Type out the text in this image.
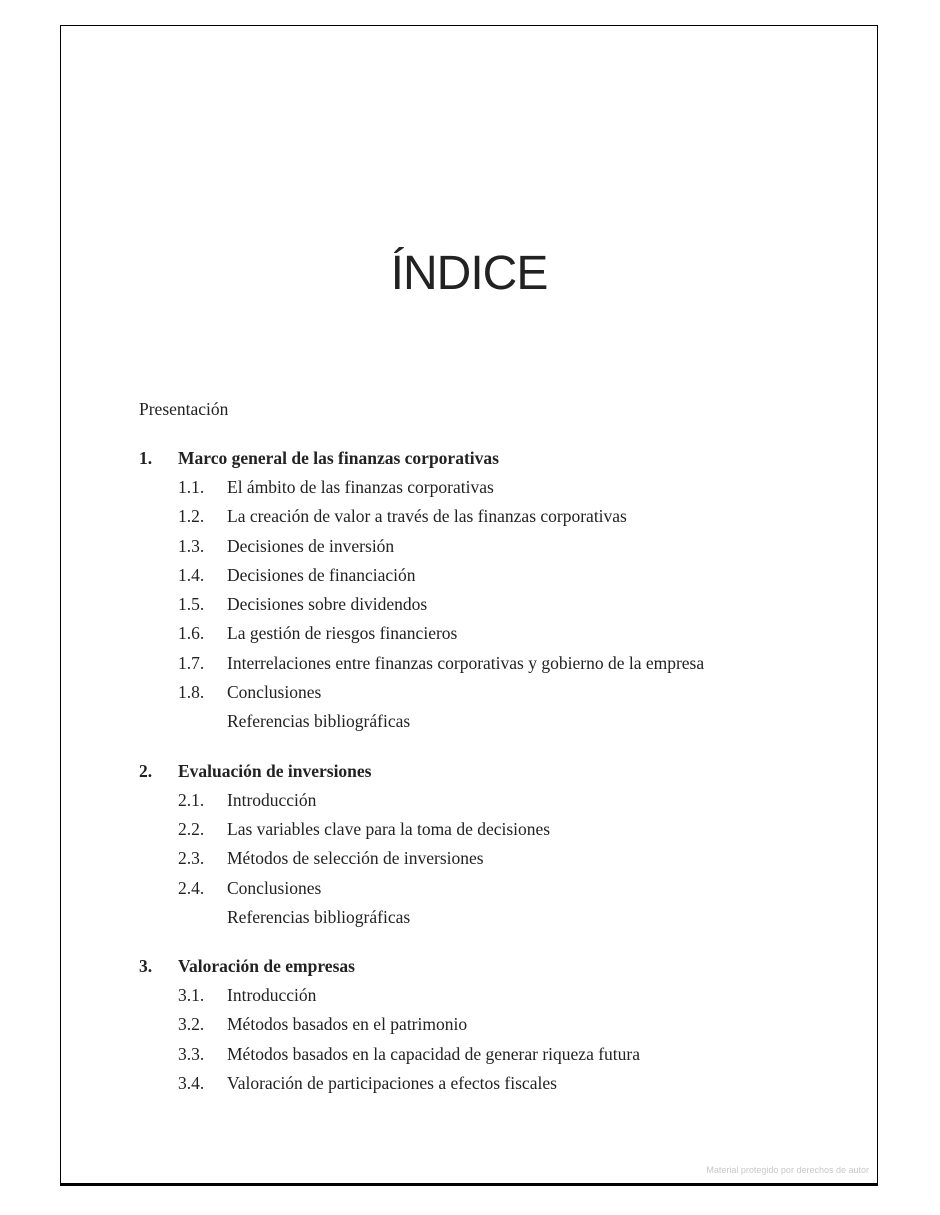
ÍNDICE
Presentación
1.	Marco general de las finanzas corporativas
1.1.	El ámbito de las finanzas corporativas
1.2.	La creación de valor a través de las finanzas corporativas
1.3.	Decisiones de inversión
1.4.	Decisiones de financiación
1.5.	Decisiones sobre dividendos
1.6.	La gestión de riesgos financieros
1.7.	Interrelaciones entre finanzas corporativas y gobierno de la empresa
1.8.	Conclusiones
Referencias bibliográficas
2.	Evaluación de inversiones
2.1.	Introducción
2.2.	Las variables clave para la toma de decisiones
2.3.	Métodos de selección de inversiones
2.4.	Conclusiones
Referencias bibliográficas
3.	Valoración de empresas
3.1.	Introducción
3.2.	Métodos basados en el patrimonio
3.3.	Métodos basados en la capacidad de generar riqueza futura
3.4.	Valoración de participaciones a efectos fiscales
Material protegido por derechos de autor
